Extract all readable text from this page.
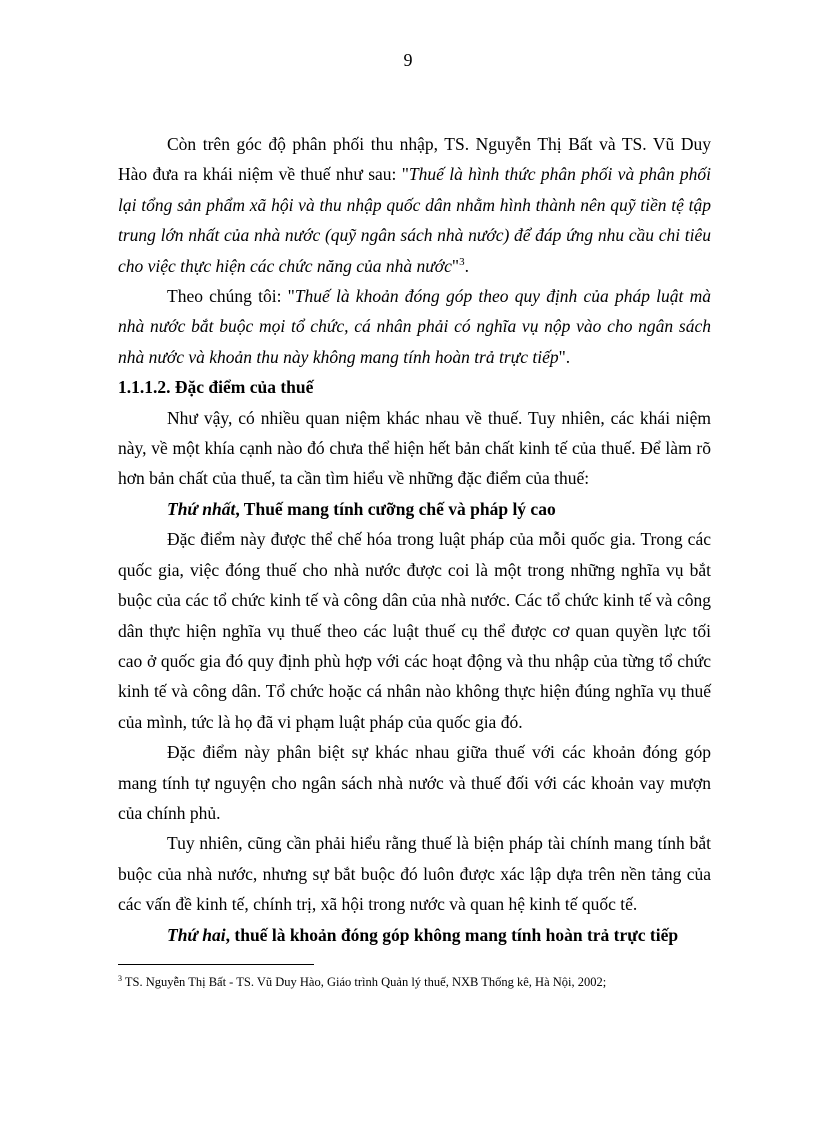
9

Còn trên góc độ phân phối thu nhập, TS. Nguyễn Thị Bất và TS. Vũ Duy Hào đưa ra khái niệm về thuế như sau: "Thuế là hình thức phân phối và phân phối lại tổng sản phẩm xã hội và thu nhập quốc dân nhằm hình thành nên quỹ tiền tệ tập trung lớn nhất của nhà nước (quỹ ngân sách nhà nước) để đáp ứng nhu cầu chi tiêu cho việc thực hiện các chức năng của nhà nước"$^3$.

Theo chúng tôi: "Thuế là khoản đóng góp theo quy định của pháp luật mà nhà nước bắt buộc mọi tổ chức, cá nhân phải có nghĩa vụ nộp vào cho ngân sách nhà nước và khoản thu này không mang tính hoàn trả trực tiếp".

1.1.1.2. Đặc điểm của thuế

Như vậy, có nhiều quan niệm khác nhau về thuế. Tuy nhiên, các khái niệm này, về một khía cạnh nào đó chưa thể hiện hết bản chất kinh tế của thuế. Để làm rõ hơn bản chất của thuế, ta cần tìm hiểu về những đặc điểm của thuế:

Thứ nhất, Thuế mang tính cưỡng chế và pháp lý cao

Đặc điểm này được thể chế hóa trong luật pháp của mỗi quốc gia. Trong các quốc gia, việc đóng thuế cho nhà nước được coi là một trong những nghĩa vụ bắt buộc của các tổ chức kinh tế và công dân của nhà nước. Các tổ chức kinh tế và công dân thực hiện nghĩa vụ thuế theo các luật thuế cụ thể được cơ quan quyền lực tối cao ở quốc gia đó quy định phù hợp với các hoạt động và thu nhập của từng tổ chức kinh tế và công dân. Tổ chức hoặc cá nhân nào không thực hiện đúng nghĩa vụ thuế của mình, tức là họ đã vi phạm luật pháp của quốc gia đó.

Đặc điểm này phân biệt sự khác nhau giữa thuế với các khoản đóng góp mang tính tự nguyện cho ngân sách nhà nước và thuế đối với các khoản vay mượn của chính phủ.

Tuy nhiên, cũng cần phải hiểu rằng thuế là biện pháp tài chính mang tính bắt buộc của nhà nước, nhưng sự bắt buộc đó luôn được xác lập dựa trên nền tảng của các vấn đề kinh tế, chính trị, xã hội trong nước và quan hệ kinh tế quốc tế.

Thứ hai, thuế là khoản đóng góp không mang tính hoàn trả trực tiếp

$^3$ TS. Nguyễn Thị Bất - TS. Vũ Duy Hào, Giáo trình Quản lý thuế, NXB Thống kê, Hà Nội, 2002;
